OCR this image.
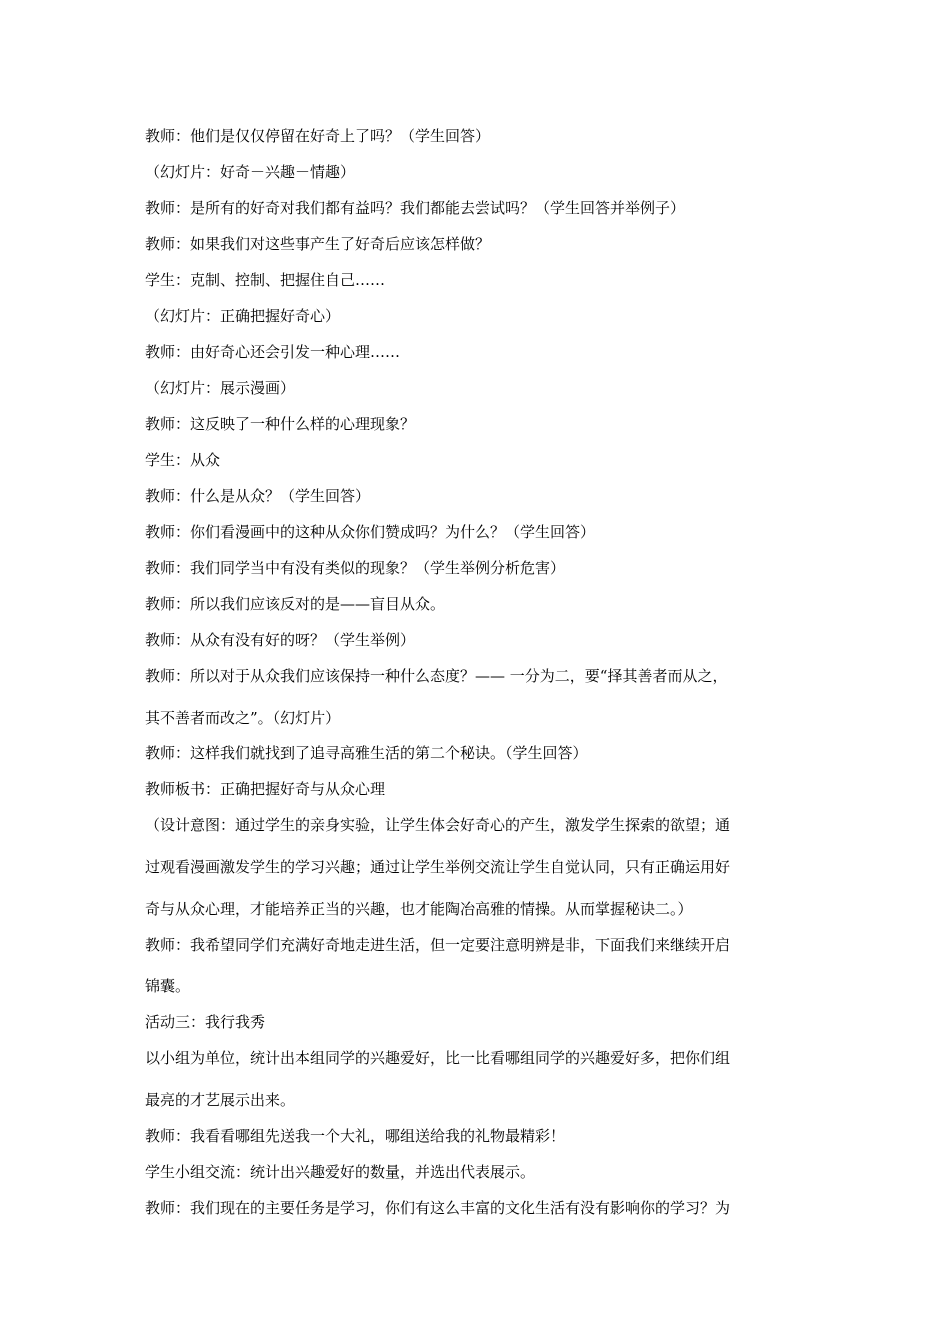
教师：他们是仅仅停留在好奇上了吗？（学生回答）
（幻灯片：好奇－兴趣－情趣）
教师：是所有的好奇对我们都有益吗？我们都能去尝试吗？（学生回答并举例子）
教师：如果我们对这些事产生了好奇后应该怎样做？
学生：克制、控制、把握住自己……
（幻灯片：正确把握好奇心）
教师：由好奇心还会引发一种心理……
（幻灯片：展示漫画）
教师：这反映了一种什么样的心理现象？
学生：从众
教师：什么是从众？（学生回答）
教师：你们看漫画中的这种从众你们赞成吗？为什么？（学生回答）
教师：我们同学当中有没有类似的现象？（学生举例分析危害）
教师：所以我们应该反对的是——盲目从众。
教师：从众有没有好的呀？（学生举例）
教师：所以对于从众我们应该保持一种什么态度？—— 一分为二，要“择其善者而从之，
其不善者而改之”。（幻灯片）
教师：这样我们就找到了追寻高雅生活的第二个秘诀。（学生回答）
教师板书：正确把握好奇与从众心理
（设计意图：通过学生的亲身实验，让学生体会好奇心的产生，激发学生探索的欲望；通
过观看漫画激发学生的学习兴趣；通过让学生举例交流让学生自觉认同，只有正确运用好
奇与从众心理，才能培养正当的兴趣，也才能陶冶高雅的情操。从而掌握秘诀二。）
教师：我希望同学们充满好奇地走进生活，但一定要注意明辨是非，下面我们来继续开启
锦囊。
活动三：我行我秀
以小组为单位，统计出本组同学的兴趣爱好，比一比看哪组同学的兴趣爱好多，把你们组
最亮的才艺展示出来。
教师：我看看哪组先送我一个大礼，哪组送给我的礼物最精彩！
学生小组交流：统计出兴趣爱好的数量，并选出代表展示。
教师：我们现在的主要任务是学习，你们有这么丰富的文化生活有没有影响你的学习？为
